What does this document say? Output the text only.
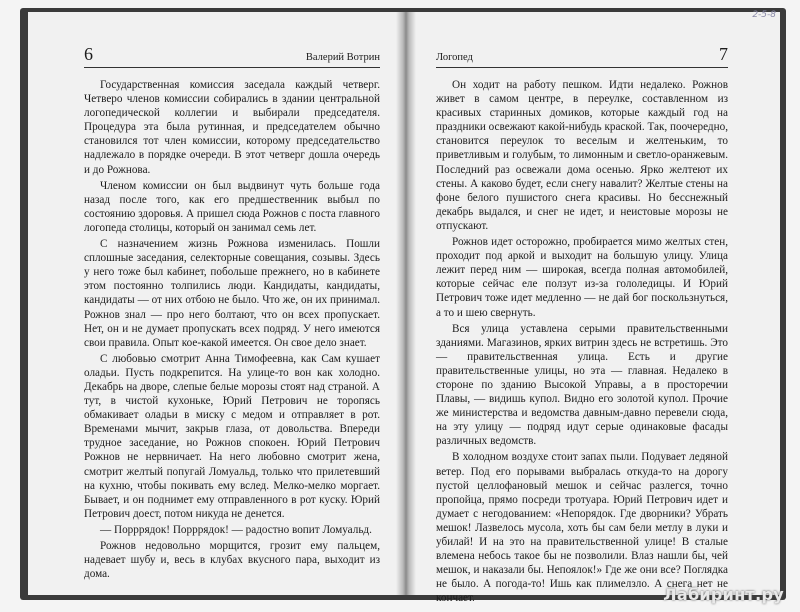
6	Валерий Вотрин

Государственная комиссия заседала каждый четверг. Четверо членов комиссии собирались в здании центральной логопедической коллегии и выбирали председателя. Процедура эта была рутинная, и председателем обычно становился тот член комиссии, которому председательство надлежало в порядке очереди. В этот четверг дошла очередь и до Рожнова.

Членом комиссии он был выдвинут чуть больше года назад после того, как его предшественник выбыл по состоянию здоровья. А пришел сюда Рожнов с поста главного логопеда столицы, который он занимал семь лет.

С назначением жизнь Рожнова изменилась. Пошли сплошные заседания, селекторные совещания, созывы. Здесь у него тоже был кабинет, побольше прежнего, но в кабинете этом постоянно толпились люди. Кандидаты, кандидаты, кандидаты — от них отбою не было. Что же, он их принимал. Рожнов знал — про него болтают, что он всех пропускает. Нет, он и не думает пропускать всех подряд. У него имеются свои правила. Опыт кое-какой имеется. Он свое дело знает.

С любовью смотрит Анна Тимофеевна, как Сам кушает оладьи. Пусть подкрепится. На улице-то вон как холодно. Декабрь на дворе, слепые белые морозы стоят над страной. А тут, в чистой кухоньке, Юрий Петрович не торопясь обмакивает оладьи в миску с медом и отправляет в рот. Временами мычит, закрыв глаза, от довольства. Впереди трудное заседание, но Рожнов спокоен. Юрий Петрович Рожнов не нервничает. На него любовно смотрит жена, смотрит желтый попугай Ломуальд, только что прилетевший на кухню, чтобы покивать ему вслед. Мелко-мелко моргает. Бывает, и он поднимет ему отправленного в рот куску. Юрий Петрович доест, потом никуда не денется.

— Порррядок! Порррядок! — радостно вопит Ломуальд.

Рожнов недовольно морщится, грозит ему пальцем, надевает шубу и, весь в клубах вкусного пара, выходит из дома.

Логопед	7

Он ходит на работу пешком. Идти недалеко. Рожнов живет в самом центре, в переулке, составленном из красивых старинных домиков, которые каждый год на праздники освежают какой-нибудь краской. Так, поочередно, становится переулок то веселым и желтеньким, то приветливым и голубым, то лимонным и светло-оранжевым. Последний раз освежали дома осенью. Ярко желтеют их стены. А каково будет, если снегу навалит? Желтые стены на фоне белого пушистого снега красивы. Но бесснежный декабрь выдался, и снег не идет, и неистовые морозы не отпускают.

Рожнов идет осторожно, пробирается мимо желтых стен, проходит под аркой и выходит на большую улицу. Улица лежит перед ним — широкая, всегда полная автомобилей, которые сейчас еле ползут из-за гололедицы. И Юрий Петрович тоже идет медленно — не дай бог поскользнуться, а то и шею свернуть.

Вся улица уставлена серыми правительственными зданиями. Магазинов, ярких витрин здесь не встретишь. Это — правительственная улица. Есть и другие правительственные улицы, но эта — главная. Недалеко в стороне по зданию Высокой Управы, а в просторечии Плавы, — видишь купол. Видно его золотой купол. Прочие же министерства и ведомства давным-давно перевели сюда, на эту улицу — подряд идут серые одинаковые фасады различных ведомств.

В холодном воздухе стоит запах пыли. Подувает ледяной ветер. Под его порывами выбралась откуда-то на дорогу пустой целлофановый мешок и сейчас разлегся, точно пропойца, прямо посреди тротуара. Юрий Петрович идет и думает с негодованием: «Непорядок. Где дворники? Убрать мешок! Лазвелось мусола, хоть бы сам бели метлу в луки и убилай! И на это на правительственной улице! В сталые влемена небось такое бы не позволили. Влаз нашли бы, чей мешок, и наказали бы. Непоялок!» Где же они все? Поглядка не было. А погода-то! Ишь как плимелзло. А снега нет не кончает.

2-5-8
Лабиринт.ру
